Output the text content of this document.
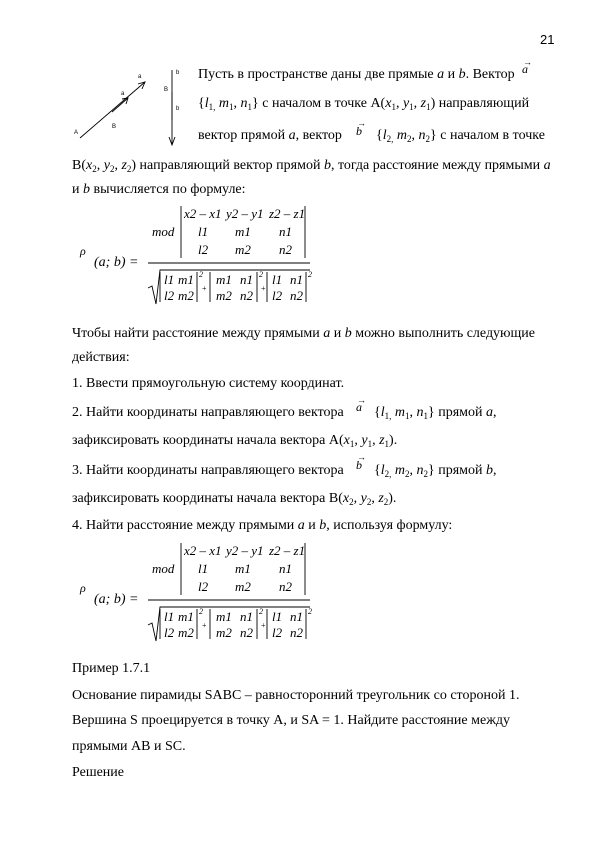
21
A
B
a
a
b
B
b
Пусть в пространстве даны две прямые a и b. Вектор
→
a
{$l_{1,}$ $m_1$, $n_1$} с началом в точке $A(x_1$, $y_1$, $z_1$) направляющий
вектор прямой a, вектор
→
b {$l_{2,}$ $m_2$, $n_2$} с началом в точке
$B(x_2$, $y_2$, $z_2$) направляющий вектор прямой b, тогда расстояние между прямыми a
и b вычисляется по формуле:
ρ
(a; b) =
mod
x2 – x1 y2 – y1 z2 – z1
l1 m1 n1
l2 m2 n2
l1 m1 m1 n1 l1 n1
l2 m2 m2 n2 l2 n2
2	2	2
+	+
Чтобы найти расстояние между прямыми a и b можно выполнить следующие
действия:
1. Ввести прямоугольную систему координат.
2. Найти координаты направляющего вектора
→
a {$l_{1,}$ $m_1$, $n_1$} прямой a,
зафиксировать координаты начала вектора $A(x_1$, $y_1$, $z_1$).
3. Найти координаты направляющего вектора
→
b {$l_{2,}$ $m_2$, $n_2$} прямой b,
зафиксировать координаты начала вектора $B(x_2$, $y_2$, $z_2$).
4. Найти расстояние между прямыми a и b, используя формулу:
ρ
(a; b) =
mod
x2 – x1 y2 – y1 z2 – z1
l1 m1 n1
l2 m2 n2
l1 m1 m1 n1 l1 n1
l2 m2 m2 n2 l2 n2
2	2	2
+	+
Пример 1.7.1
Основание пирамиды SABC – равносторонний треугольник со стороной 1.
Вершина S проецируется в точку A, и SA = 1. Найдите расстояние между
прямыми AB и SC.
Решение
